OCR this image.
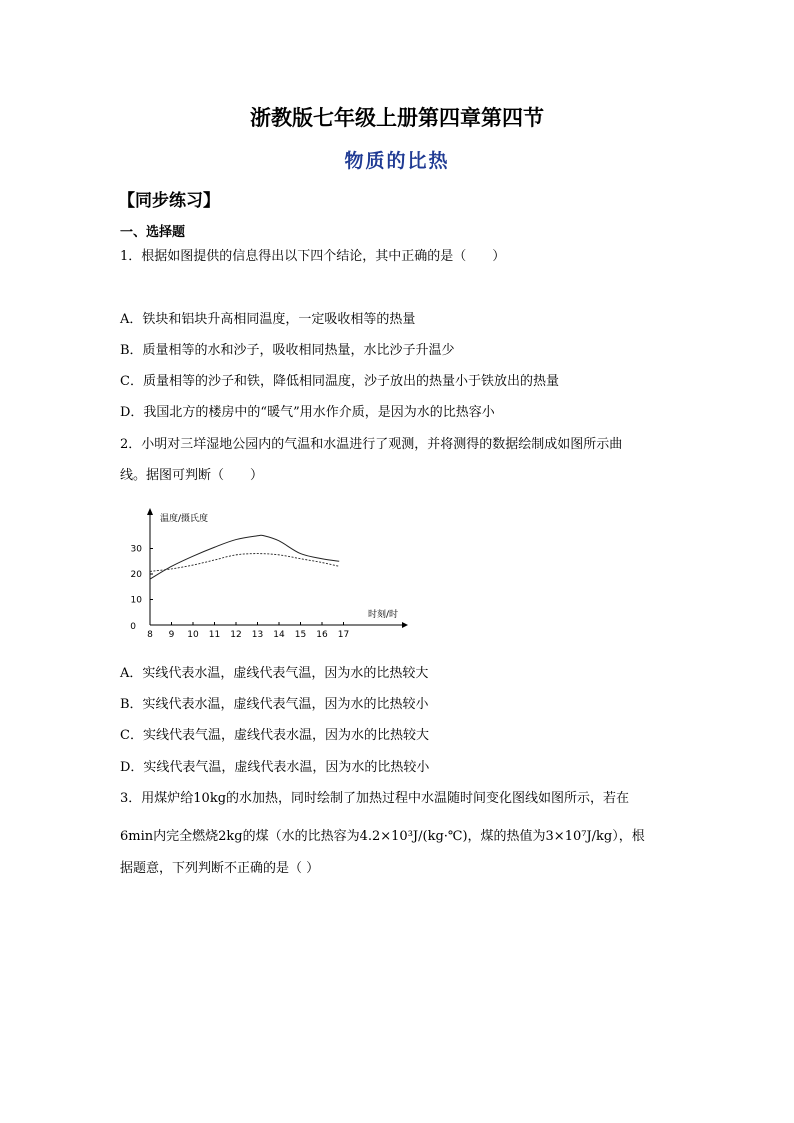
浙教版七年级上册第四章第四节
物质的比热
【同步练习】
一、选择题
1．根据如图提供的信息得出以下四个结论，其中正确的是（　　）
A．铁块和铝块升高相同温度，一定吸收相等的热量
B．质量相等的水和沙子，吸收相同热量，水比沙子升温少
C．质量相等的沙子和铁，降低相同温度，沙子放出的热量小于铁放出的热量
D．我国北方的楼房中的“暖气”用水作介质，是因为水的比热容小
2．小明对三垟湿地公园内的气温和水温进行了观测，并将测得的数据绘制成如图所示曲
线。据图可判断（　　）
8 9 10 11 12 13 14 15 16 17
0
10
20
30
温度/摄氏度
时刻/时
A．实线代表水温，虚线代表气温，因为水的比热较大
B．实线代表水温，虚线代表气温，因为水的比热较小
C．实线代表气温，虚线代表水温，因为水的比热较大
D．实线代表气温，虚线代表水温，因为水的比热较小
3．用煤炉给10kg的水加热，同时绘制了加热过程中水温随时间变化图线如图所示，若在
6min内完全燃烧2kg的煤（水的比热容为4.2×10³J/(kg·℃)，煤的热值为3×10⁷J/kg），根
据题意，下列判断不正确的是（ ）
